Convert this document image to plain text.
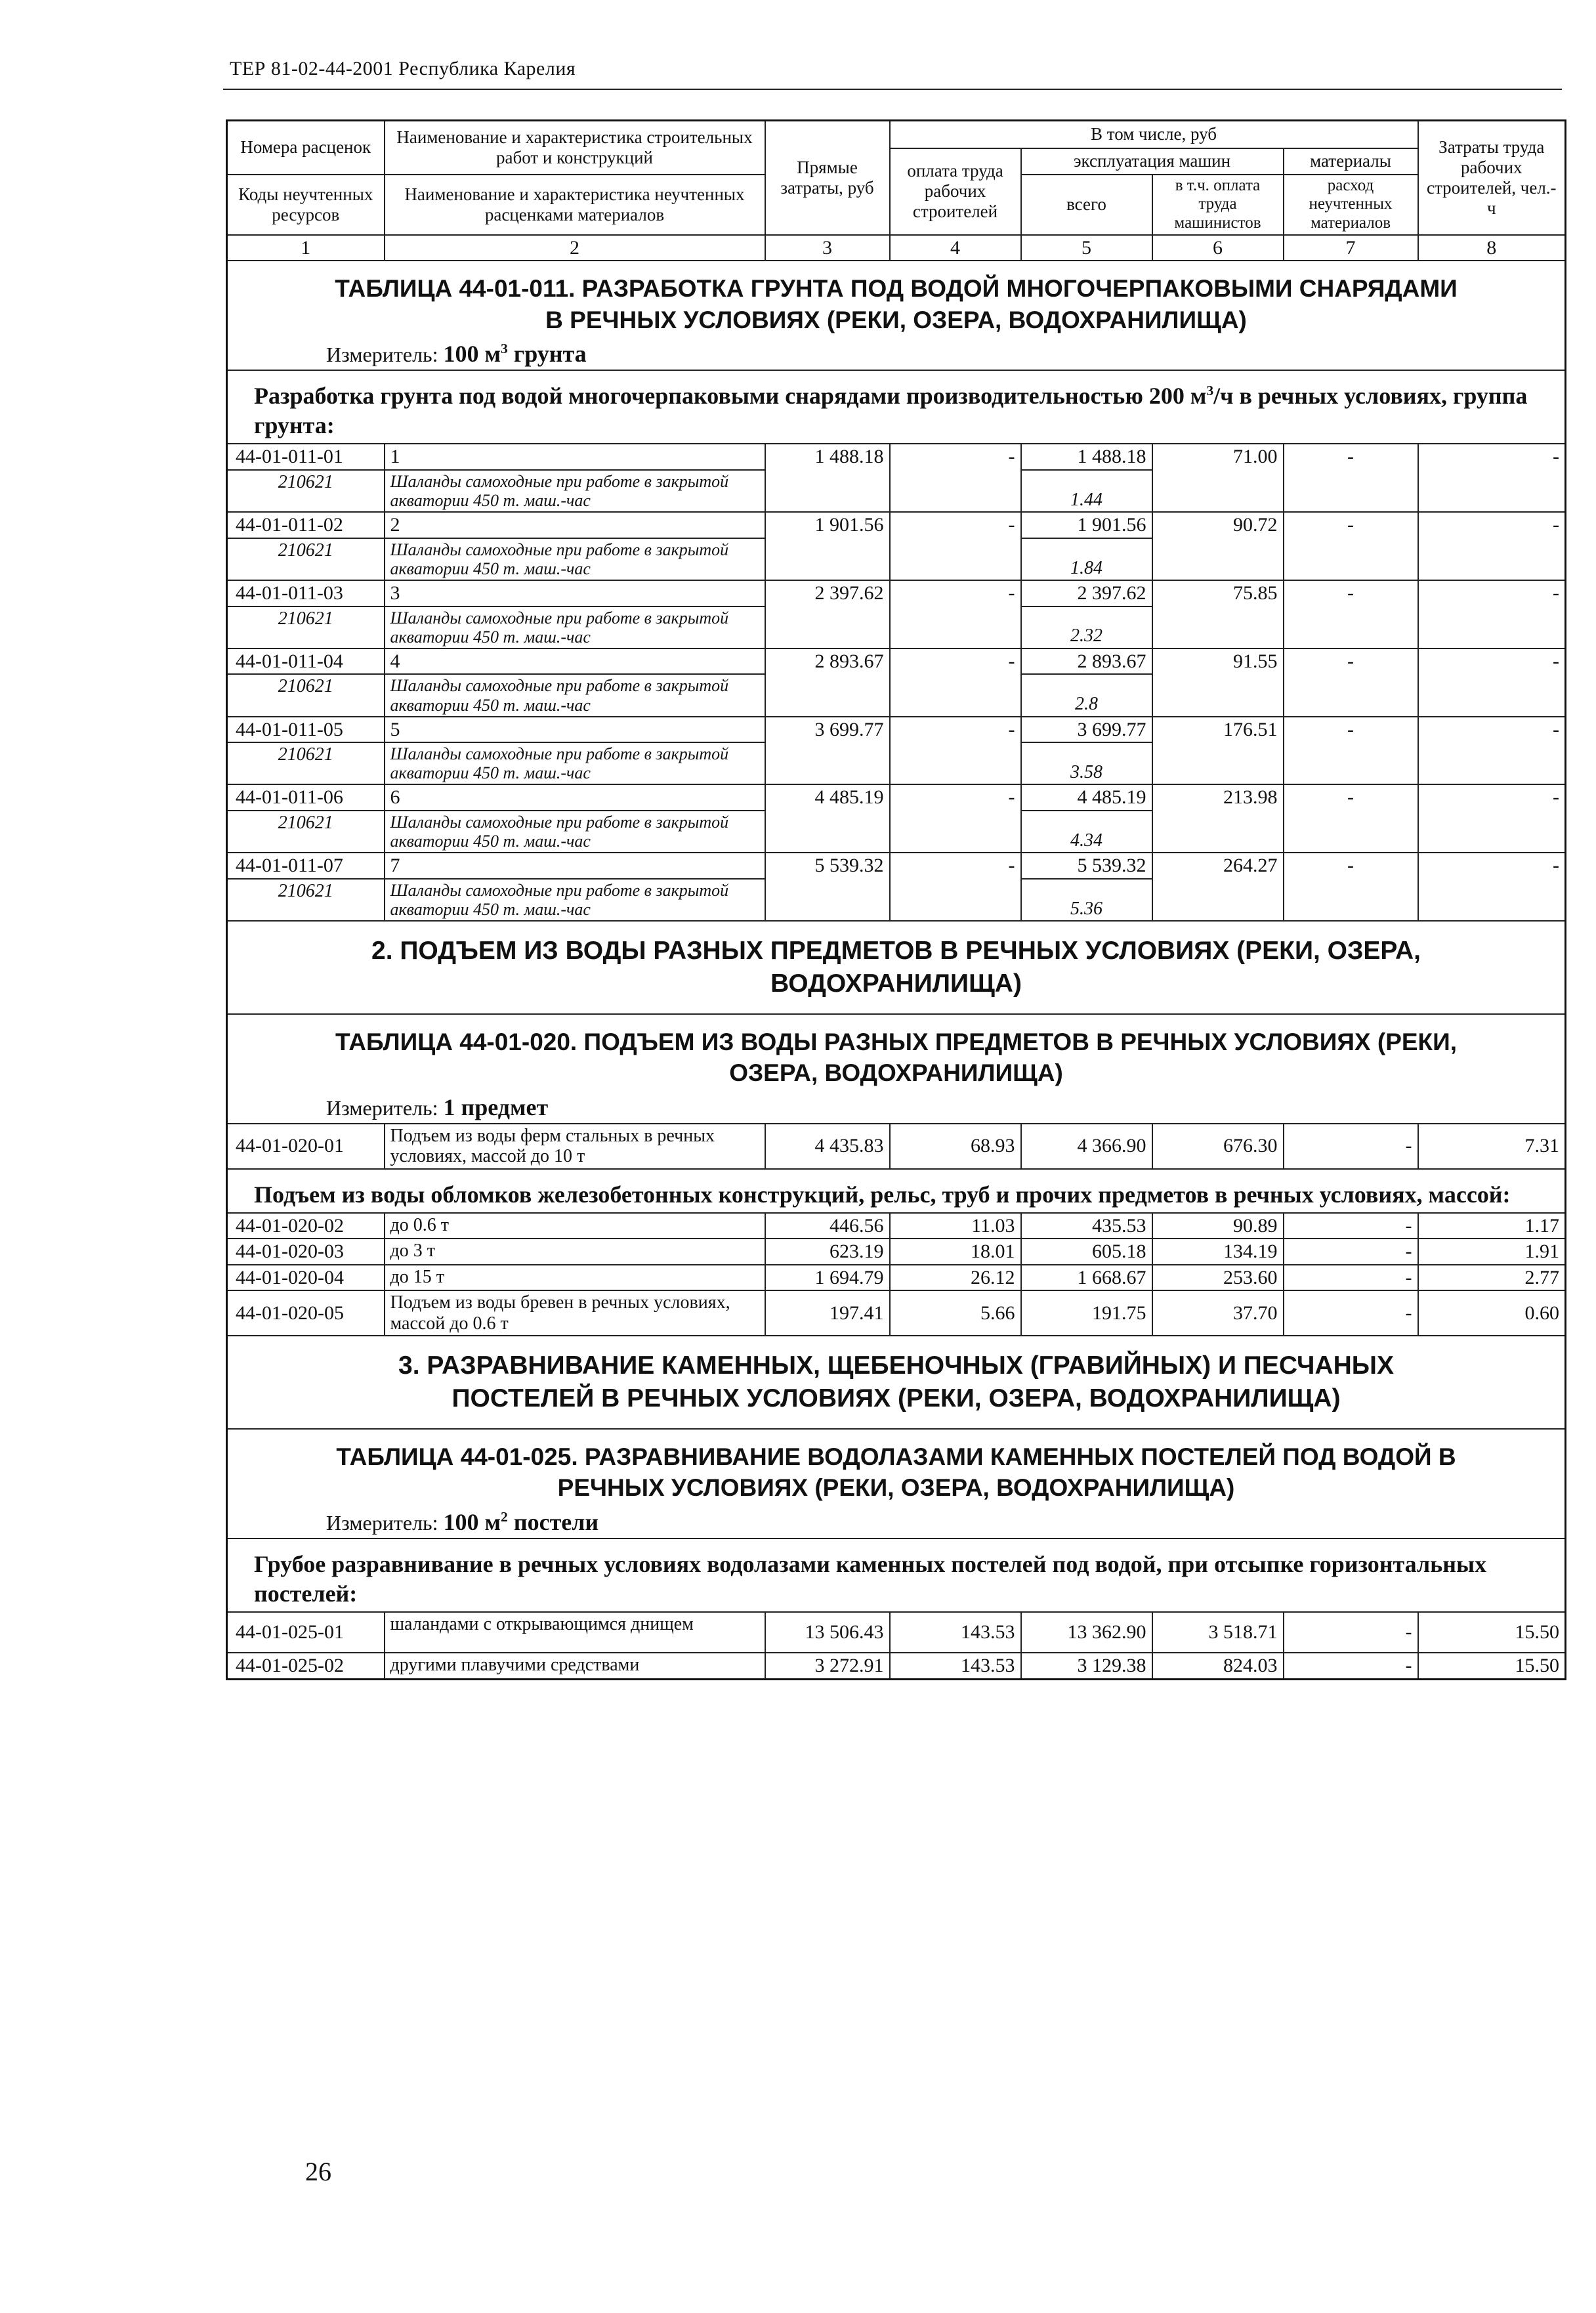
ТЕР 81-02-44-2001 Республика Карелия
Номера расценок	Наименование и характеристика строительных работ и конструкций	Прямые затраты, руб	В том числе, руб				Затраты труда рабочих строителей, чел.-ч
			оплата труда рабочих строителей	эксплуатация машин		материалы	
Коды неучтенных ресурсов	Наименование и характеристика неучтенных расценками материалов			всего	в т.ч. оплата труда машинистов	расход неучтенных материалов	

1	2	3	4	5	6	7	8

ТАБЛИЦА 44-01-011. РАЗРАБОТКА ГРУНТА ПОД ВОДОЙ МНОГОЧЕРПАКОВЫМИ СНАРЯДАМИ
В РЕЧНЫХ УСЛОВИЯХ (РЕКИ, ОЗЕРА, ВОДОХРАНИЛИЩА)
Измеритель: 100 $м^3$ грунта							

Разработка грунта под водой многочерпаковыми снарядами производительностью 200 $м^3/ч$ в речных условиях, группа грунта:							
44-01-011-01	1	1 488.18	-	1 488.18	71.00	-	-
210621	Шаланды самоходные при работе в закрытой акватории 450 т. маш.-час			1.44			
44-01-011-02	2	1 901.56	-	1 901.56	90.72	-	-
210621	Шаланды самоходные при работе в закрытой акватории 450 т. маш.-час			1.84			
44-01-011-03	3	2 397.62	-	2 397.62	75.85	-	-
210621	Шаланды самоходные при работе в закрытой акватории 450 т. маш.-час			2.32			
44-01-011-04	4	2 893.67	-	2 893.67	91.55	-	-
210621	Шаланды самоходные при работе в закрытой акватории 450 т. маш.-час			2.8			
44-01-011-05	5	3 699.77	-	3 699.77	176.51	-	-
210621	Шаланды самоходные при работе в закрытой акватории 450 т. маш.-час			3.58			
44-01-011-06	6	4 485.19	-	4 485.19	213.98	-	-
210621	Шаланды самоходные при работе в закрытой акватории 450 т. маш.-час			4.34			
44-01-011-07	7	5 539.32	-	5 539.32	264.27	-	-
210621	Шаланды самоходные при работе в закрытой акватории 450 т. маш.-час			5.36			

2. ПОДЪЕМ ИЗ ВОДЫ РАЗНЫХ ПРЕДМЕТОВ В РЕЧНЫХ УСЛОВИЯХ (РЕКИ, ОЗЕРА,
ВОДОХРАНИЛИЩА)							

ТАБЛИЦА 44-01-020. ПОДЪЕМ ИЗ ВОДЫ РАЗНЫХ ПРЕДМЕТОВ В РЕЧНЫХ УСЛОВИЯХ (РЕКИ,
ОЗЕРА, ВОДОХРАНИЛИЩА)
Измеритель: 1 предмет							

44-01-020-01	Подъем из воды ферм стальных в речных условиях, массой до 10 т	4 435.83	68.93	4 366.90	676.30	-	7.31
Подъем из воды обломков железобетонных конструкций, рельс, труб и прочих предметов в речных условиях, массой:							
44-01-020-02	до 0.6 т	446.56	11.03	435.53	90.89	-	1.17
44-01-020-03	до 3 т	623.19	18.01	605.18	134.19	-	1.91
44-01-020-04	до 15 т	1 694.79	26.12	1 668.67	253.60	-	2.77
44-01-020-05	Подъем из воды бревен в речных условиях, массой до 0.6 т	197.41	5.66	191.75	37.70	-	0.60

3. РАЗРАВНИВАНИЕ КАМЕННЫХ, ЩЕБЕНОЧНЫХ (ГРАВИЙНЫХ) И ПЕСЧАНЫХ
ПОСТЕЛЕЙ В РЕЧНЫХ УСЛОВИЯХ (РЕКИ, ОЗЕРА, ВОДОХРАНИЛИЩА)							

ТАБЛИЦА 44-01-025. РАЗРАВНИВАНИЕ ВОДОЛАЗАМИ КАМЕННЫХ ПОСТЕЛЕЙ ПОД ВОДОЙ В
РЕЧНЫХ УСЛОВИЯХ (РЕКИ, ОЗЕРА, ВОДОХРАНИЛИЩА)
Измеритель: 100 $м^2$ постели							

Грубое разравнивание в речных условиях водолазами каменных постелей под водой, при отсыпке горизонтальных постелей:							
44-01-025-01	шаландами с открывающимся днищем	13 506.43	143.53	13 362.90	3 518.71	-	15.50
44-01-025-02	другими плавучими средствами	3 272.91	143.53	3 129.38	824.03	-	15.50
26
